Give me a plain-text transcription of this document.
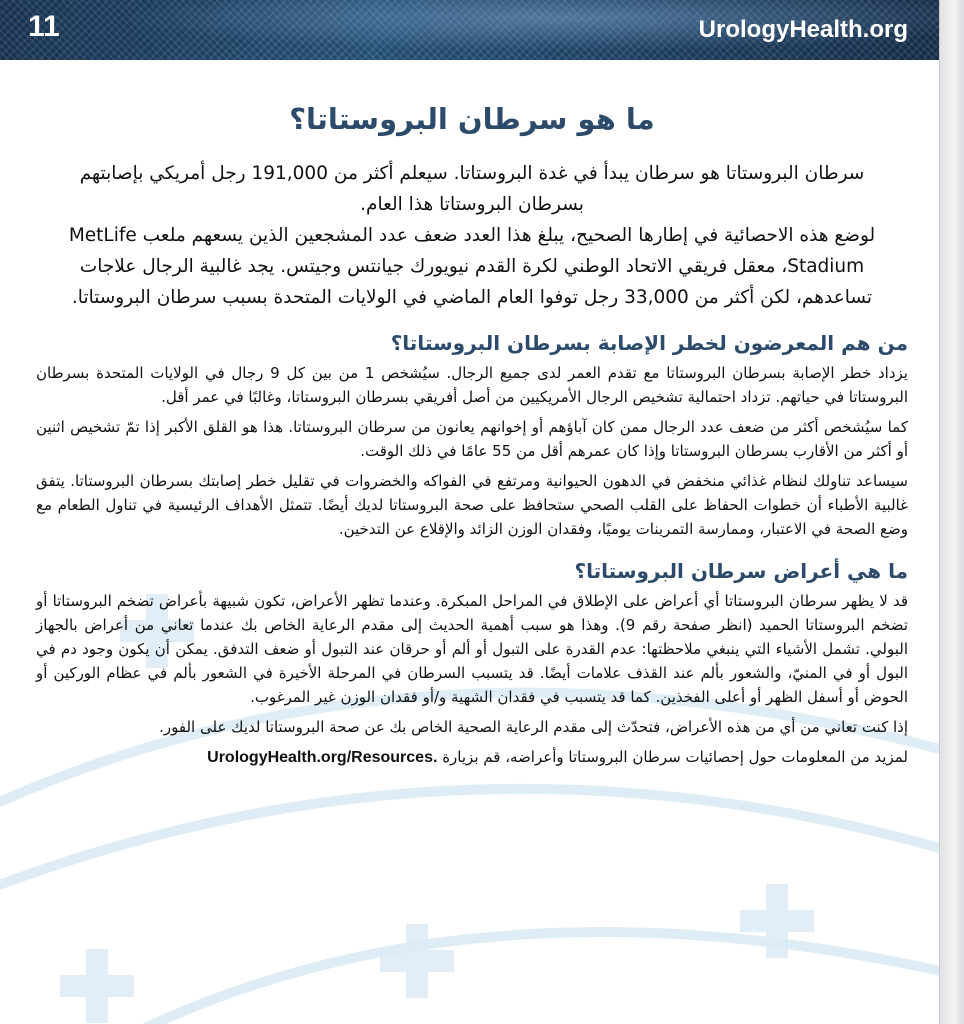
11	UrologyHealth.org
ما هو سرطان البروستاتا؟

سرطان البروستاتا هو سرطان يبدأ في غدة البروستاتا. سيعلم أكثر من 191,000 رجل أمريكي بإصابتهم بسرطان البروستاتا هذا العام.

لوضع هذه الاحصائية في إطارها الصحيح، يبلغ هذا العدد ضعف عدد المشجعين الذين يسعهم ملعب MetLife Stadium، معقل فريقي الاتحاد الوطني لكرة القدم نيويورك جيانتس وجيتس. يجد غالبية الرجال علاجات تساعدهم، لكن أكثر من 33,000 رجل توفوا العام الماضي في الولايات المتحدة بسبب سرطان البروستاتا.

من هم المعرضون لخطر الإصابة بسرطان البروستاتا؟

يزداد خطر الإصابة بسرطان البروستاتا مع تقدم العمر لدى جميع الرجال. سيُشخص 1 من بين كل 9 رجال في الولايات المتحدة بسرطان البروستاتا في حياتهم. تزداد احتمالية تشخيص الرجال الأمريكيين من أصل أفريقي بسرطان البروستاتا، وغالبًا في عمر أقل.

كما سيُشخص أكثر من ضعف عدد الرجال ممن كان آباؤهم أو إخوانهم يعانون من سرطان البروستاتا. هذا هو القلق الأكبر إذا تمّ تشخيص اثنين أو أكثر من الأقارب بسرطان البروستاتا وإذا كان عمرهم أقل من 55 عامًا في ذلك الوقت.

سيساعد تناولك لنظام غذائي منخفض في الدهون الحيوانية ومرتفع في الفواكه والخضروات في تقليل خطر إصابتك بسرطان البروستاتا. يتفق غالبية الأطباء أن خطوات الحفاظ على القلب الصحي ستحافظ على صحة البروستاتا لديك أيضًا. تتمثل الأهداف الرئيسية في تناول الطعام مع وضع الصحة في الاعتبار، وممارسة التمرينات يوميًا، وفقدان الوزن الزائد والإقلاع عن التدخين.

ما هي أعراض سرطان البروستاتا؟

قد لا يظهر سرطان البروستاتا أي أعراض على الإطلاق في المراحل المبكرة. وعندما تظهر الأعراض، تكون شبيهة بأعراض تضخم البروستاتا أو تضخم البروستاتا الحميد (انظر صفحة رقم 9). وهذا هو سبب أهمية الحديث إلى مقدم الرعاية الخاص بك عندما تعاني من أعراض بالجهاز البولي. تشمل الأشياء التي ينبغي ملاحظتها: عدم القدرة على التبول أو ألم أو حرقان عند التبول أو ضعف التدفق. يمكن أن يكون وجود دم في البول أو في المنيّ، والشعور بألم عند القذف علامات أيضًا. قد يتسبب السرطان في المرحلة الأخيرة في الشعور بألم في عظام الوركين أو الحوض أو أسفل الظهر أو أعلى الفخذين. كما قد يتسبب في فقدان الشهية و/أو فقدان الوزن غير المرغوب.

إذا كنت تعاني من أي من هذه الأعراض، فتحدّث إلى مقدم الرعاية الصحية الخاص بك عن صحة البروستاتا لديك على الفور.

لمزيد من المعلومات حول إحصائيات سرطان البروستاتا وأعراضه، قم بزيارة UrologyHealth.org/Resources.
